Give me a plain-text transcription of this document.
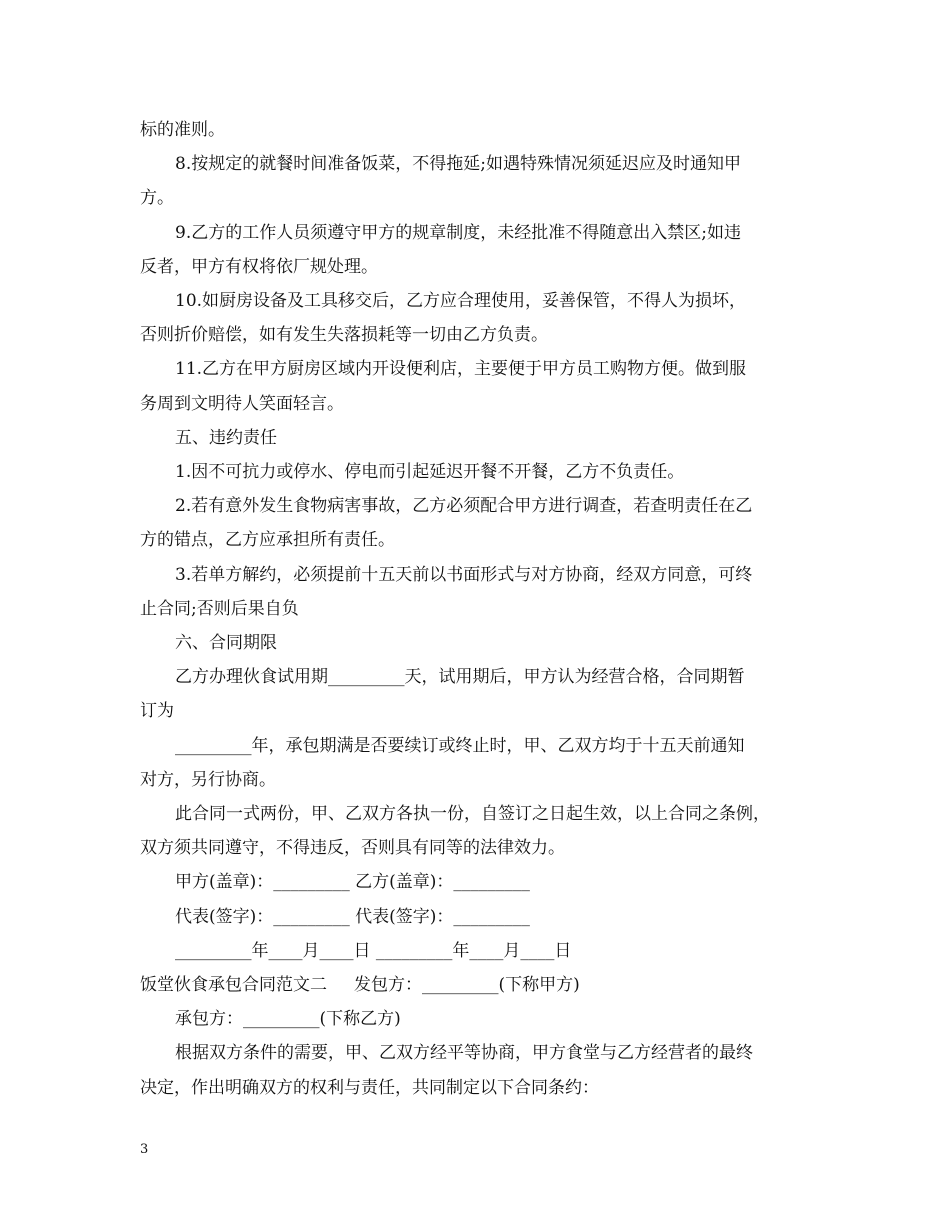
标的准则。
8.按规定的就餐时间准备饭菜，不得拖延;如遇特殊情况须延迟应及时通知甲
方。
9.乙方的工作人员须遵守甲方的规章制度，未经批准不得随意出入禁区;如违
反者，甲方有权将依厂规处理。
10.如厨房设备及工具移交后，乙方应合理使用，妥善保管，不得人为损坏，
否则折价赔偿，如有发生失落损耗等一切由乙方负责。
11.乙方在甲方厨房区域内开设便利店，主要便于甲方员工购物方便。做到服
务周到文明待人笑面轻言。
五、违约责任
1.因不可抗力或停水、停电而引起延迟开餐不开餐，乙方不负责任。
2.若有意外发生食物病害事故，乙方必须配合甲方进行调查，若查明责任在乙
方的错点，乙方应承担所有责任。
3.若单方解约，必须提前十五天前以书面形式与对方协商，经双方同意，可终
止合同;否则后果自负
六、合同期限
乙方办理伙食试用期_________天，试用期后，甲方认为经营合格，合同期暂
订为
_________年，承包期满是否要续订或终止时，甲、乙双方均于十五天前通知
对方，另行协商。
此合同一式两份，甲、乙双方各执一份，自签订之日起生效，以上合同之条例，
双方须共同遵守，不得违反，否则具有同等的法律效力。
甲方(盖章)：_________ 乙方(盖章)：_________
代表(签字)：_________ 代表(签字)：_________
_________年____月____日 _________年____月____日
饭堂伙食承包合同范文二     发包方：_________(下称甲方)
承包方：_________(下称乙方)
根据双方条件的需要，甲、乙双方经平等协商，甲方食堂与乙方经营者的最终
决定，作出明确双方的权利与责任，共同制定以下合同条约：
3
